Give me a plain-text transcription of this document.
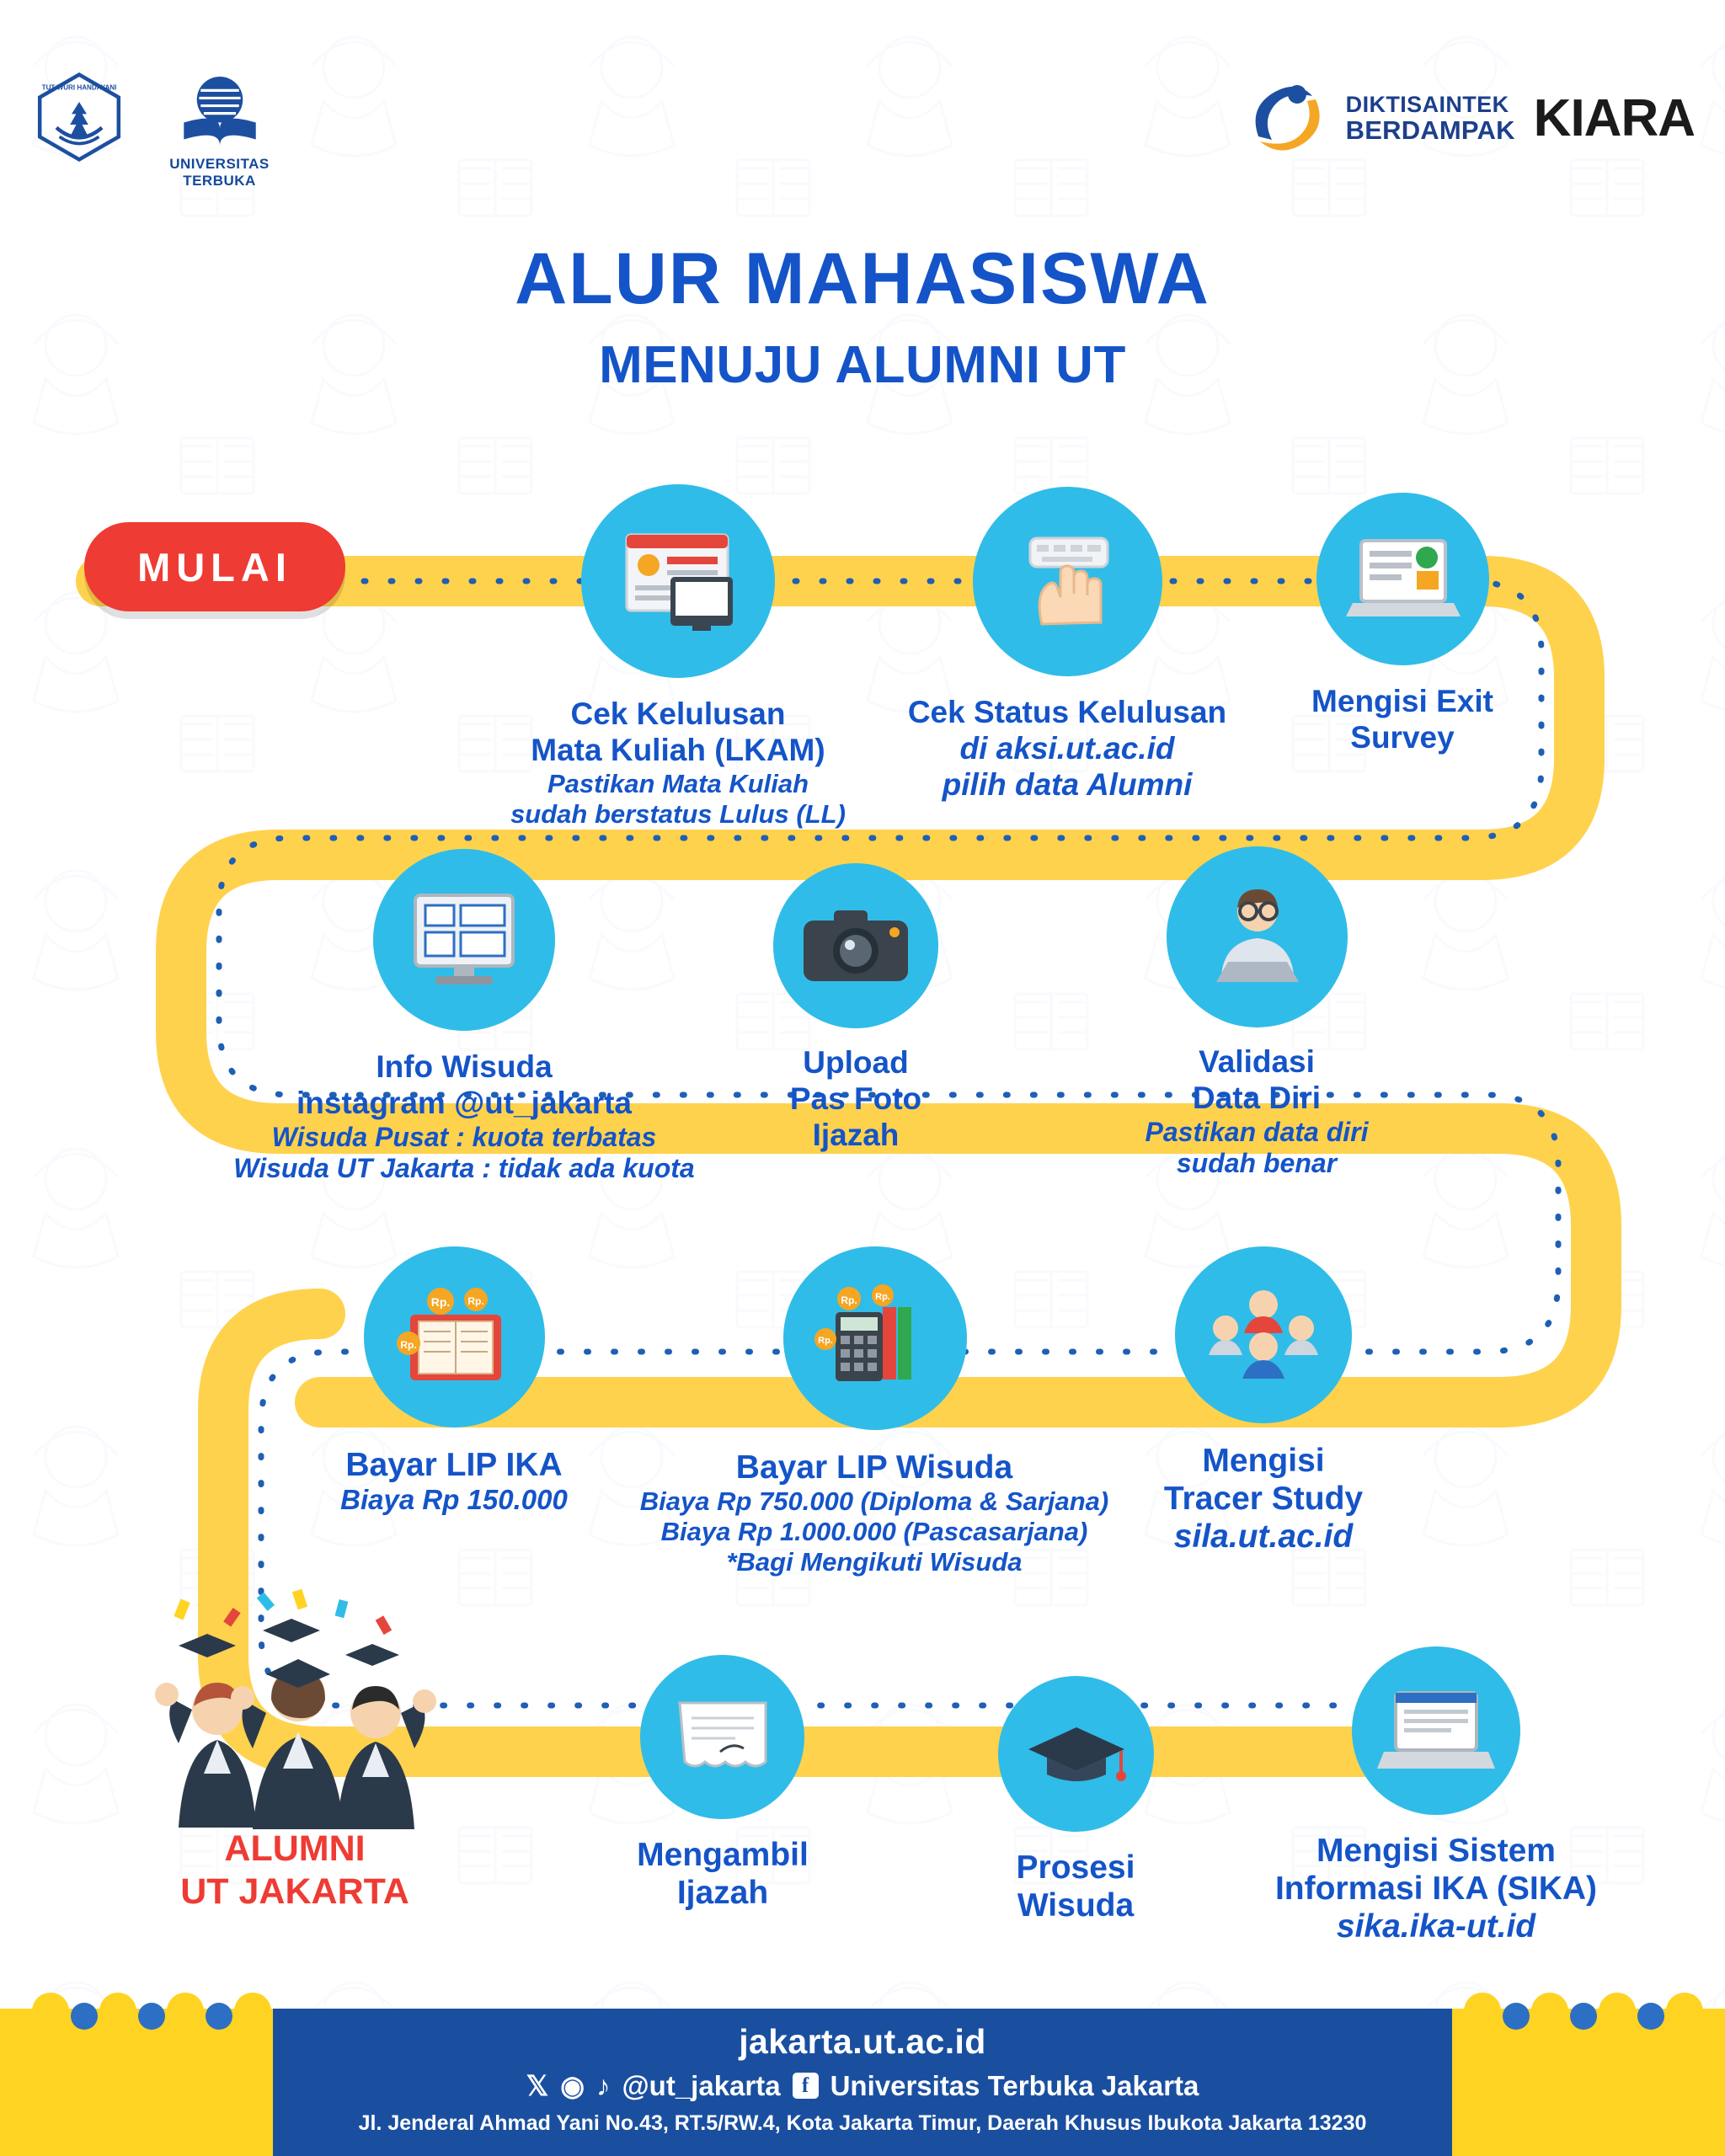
TUT WURI HANDAYANI
UNIVERSITAS TERBUKA
DIKTISAINTEK
BERDAMPAK KIARA
ALUR MAHASISWA
MENUJU ALUMNI UT
MULAI
Cek Kelulusan
Mata Kuliah (LKAM)
Pastikan Mata Kuliah
sudah berstatus Lulus (LL)
Cek Status Kelulusan
di aksi.ut.ac.id
pilih data Alumni
Mengisi Exit
Survey
Info Wisuda
instagram @ut_jakarta
Wisuda Pusat : kuota terbatas
Wisuda UT Jakarta : tidak ada kuota
Upload
Pas Foto
Ijazah
Validasi
Data Diri
Pastikan data diri
sudah benar
Rp. Rp.
Rp.
Bayar LIP IKA
Biaya Rp 150.000
Rp. Rp.
Rp.
Bayar LIP Wisuda
Biaya Rp 750.000 (Diploma & Sarjana)
Biaya Rp 1.000.000 (Pascasarjana)
*Bagi Mengikuti Wisuda
Mengisi
Tracer Study
sila.ut.ac.id
Mengisi Sistem
Informasi IKA (SIKA)
sika.ika-ut.id
Prosesi
Wisuda
Mengambil
Ijazah
ALUMNI
UT JAKARTA
jakarta.ut.ac.id
𝕏 ◉ ♪ @ut_jakarta	f Universitas Terbuka Jakarta
Jl. Jenderal Ahmad Yani No.43, RT.5/RW.4, Kota Jakarta Timur, Daerah Khusus Ibukota Jakarta 13230
